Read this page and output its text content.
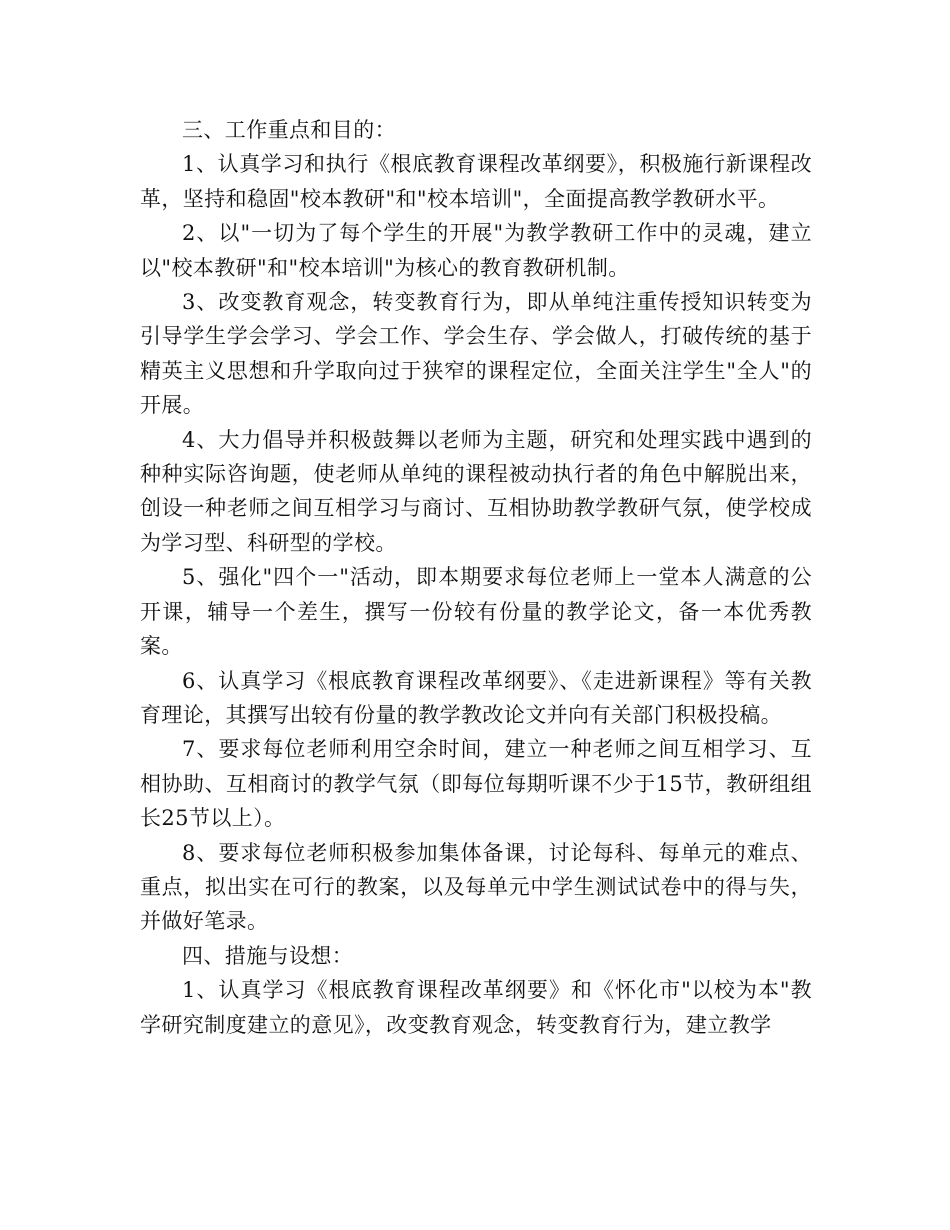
三、工作重点和目的：

1、认真学习和执行《根底教育课程改革纲要》，积极施行新课程改革，坚持和稳固"校本教研"和"校本培训"，全面提高教学教研水平。

2、以"一切为了每个学生的开展"为教学教研工作中的灵魂，建立以"校本教研"和"校本培训"为核心的教育教研机制。

3、改变教育观念，转变教育行为，即从单纯注重传授知识转变为引导学生学会学习、学会工作、学会生存、学会做人，打破传统的基于精英主义思想和升学取向过于狭窄的课程定位，全面关注学生"全人"的开展。

4、大力倡导并积极鼓舞以老师为主题，研究和处理实践中遇到的种种实际咨询题，使老师从单纯的课程被动执行者的角色中解脱出来，创设一种老师之间互相学习与商讨、互相协助教学教研气氛，使学校成为学习型、科研型的学校。

5、强化"四个一"活动，即本期要求每位老师上一堂本人满意的公开课，辅导一个差生，撰写一份较有份量的教学论文，备一本优秀教案。

6、认真学习《根底教育课程改革纲要》、《走进新课程》等有关教育理论，其撰写出较有份量的教学教改论文并向有关部门积极投稿。

7、要求每位老师利用空余时间，建立一种老师之间互相学习、互相协助、互相商讨的教学气氛（即每位每期听课不少于15节，教研组组长25节以上）。

8、要求每位老师积极参加集体备课，讨论每科、每单元的难点、重点，拟出实在可行的教案，以及每单元中学生测试试卷中的得与失，并做好笔录。

四、措施与设想：

1、认真学习《根底教育课程改革纲要》和《怀化市"以校为本"教学研究制度建立的意见》，改变教育观念，转变教育行为，建立教学
